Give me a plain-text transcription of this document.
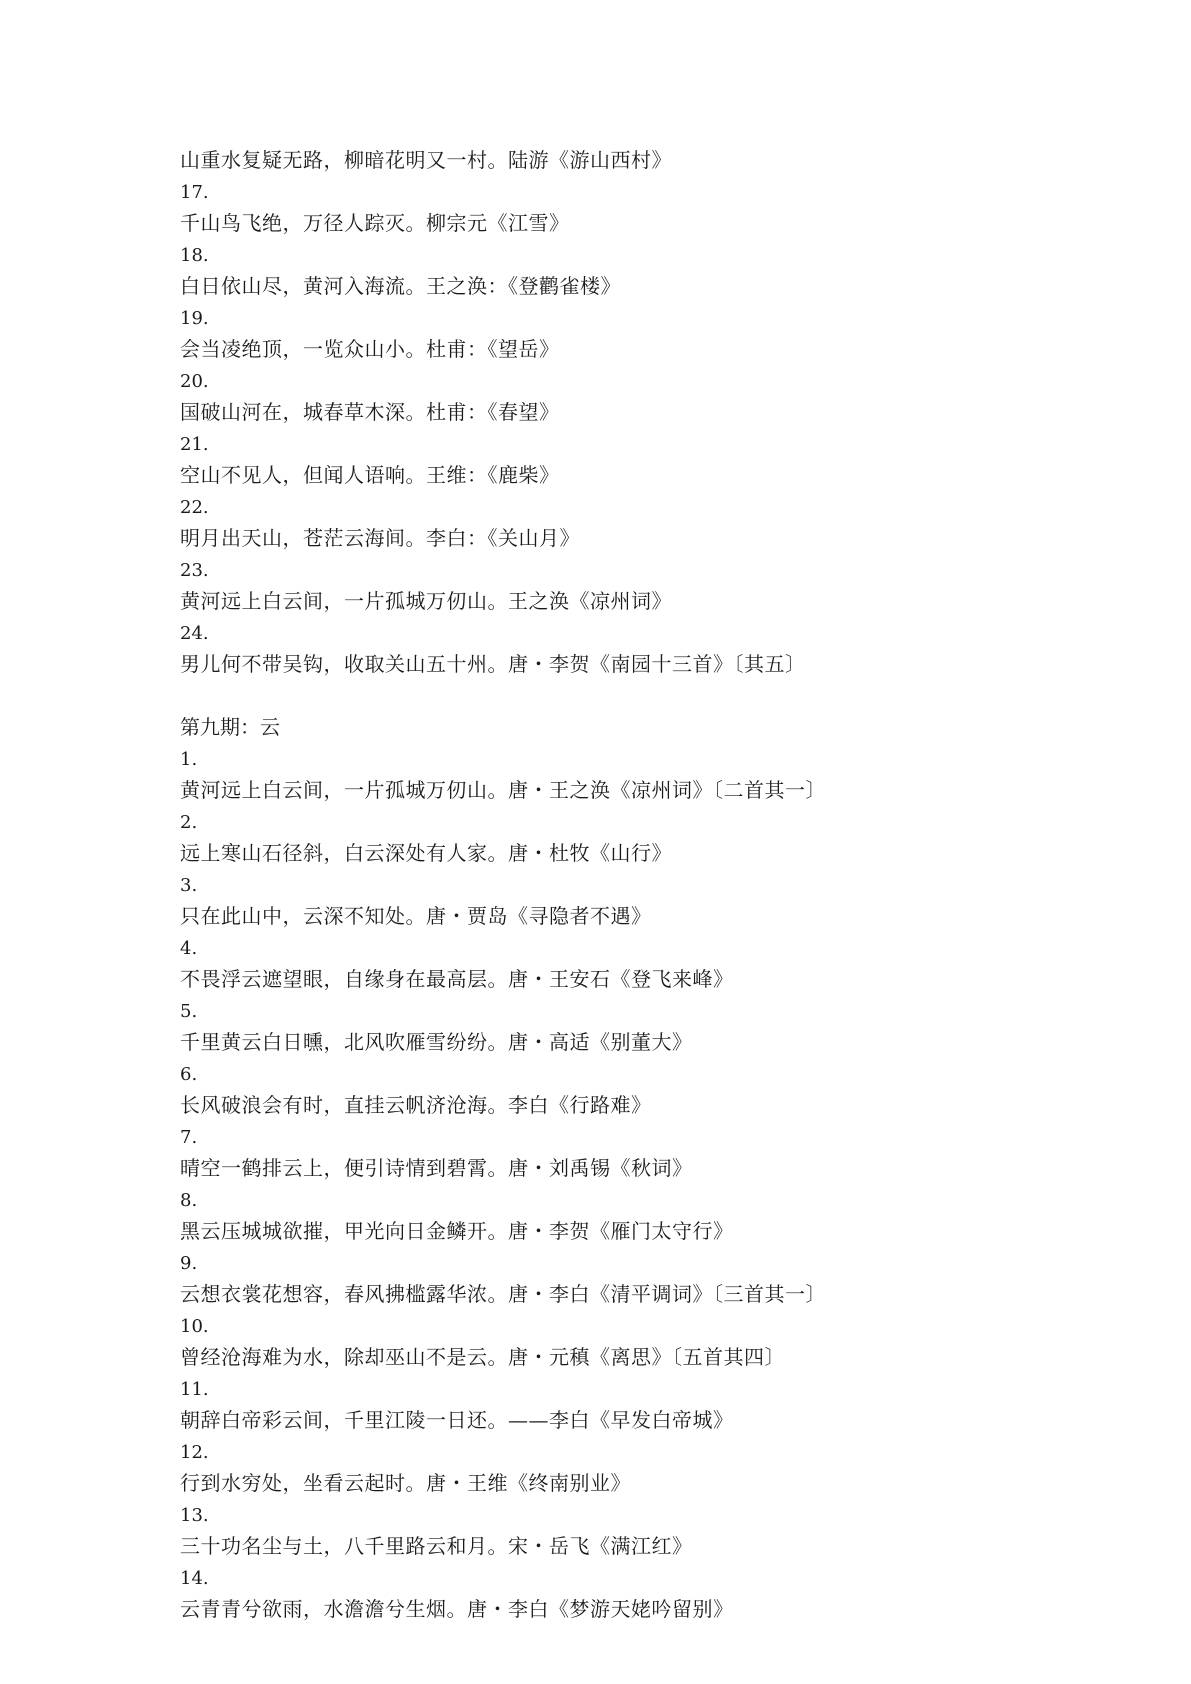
山重水复疑无路，柳暗花明又一村。陆游《游山西村》
17.
千山鸟飞绝，万径人踪灭。柳宗元《江雪》
18.
白日依山尽，黄河入海流。王之涣：《登鹳雀楼》
19.
会当凌绝顶，一览众山小。杜甫：《望岳》
20.
国破山河在，城春草木深。杜甫：《春望》
21.
空山不见人，但闻人语响。王维：《鹿柴》
22.
明月出天山，苍茫云海间。李白：《关山月》
23.
黄河远上白云间，一片孤城万仞山。王之涣《凉州词》
24.
男儿何不带吴钩，收取关山五十州。唐・李贺《南园十三首》〔其五〕
第九期：云
1.
黄河远上白云间，一片孤城万仞山。唐・王之涣《凉州词》〔二首其一〕
2.
远上寒山石径斜，白云深处有人家。唐・杜牧《山行》
3.
只在此山中，云深不知处。唐・贾岛《寻隐者不遇》
4.
不畏浮云遮望眼，自缘身在最高层。唐・王安石《登飞来峰》
5.
千里黄云白日曛，北风吹雁雪纷纷。唐・高适《别董大》
6.
长风破浪会有时，直挂云帆济沧海。李白《行路难》
7.
晴空一鹤排云上，便引诗情到碧霄。唐・刘禹锡《秋词》
8.
黑云压城城欲摧，甲光向日金鳞开。唐・李贺《雁门太守行》
9.
云想衣裳花想容，春风拂槛露华浓。唐・李白《清平调词》〔三首其一〕
10.
曾经沧海难为水，除却巫山不是云。唐・元稹《离思》〔五首其四〕
11.
朝辞白帝彩云间，千里江陵一日还。——李白《早发白帝城》
12.
行到水穷处，坐看云起时。唐・王维《终南别业》
13.
三十功名尘与土，八千里路云和月。宋・岳飞《满江红》
14.
云青青兮欲雨，水澹澹兮生烟。唐・李白《梦游天姥吟留别》
